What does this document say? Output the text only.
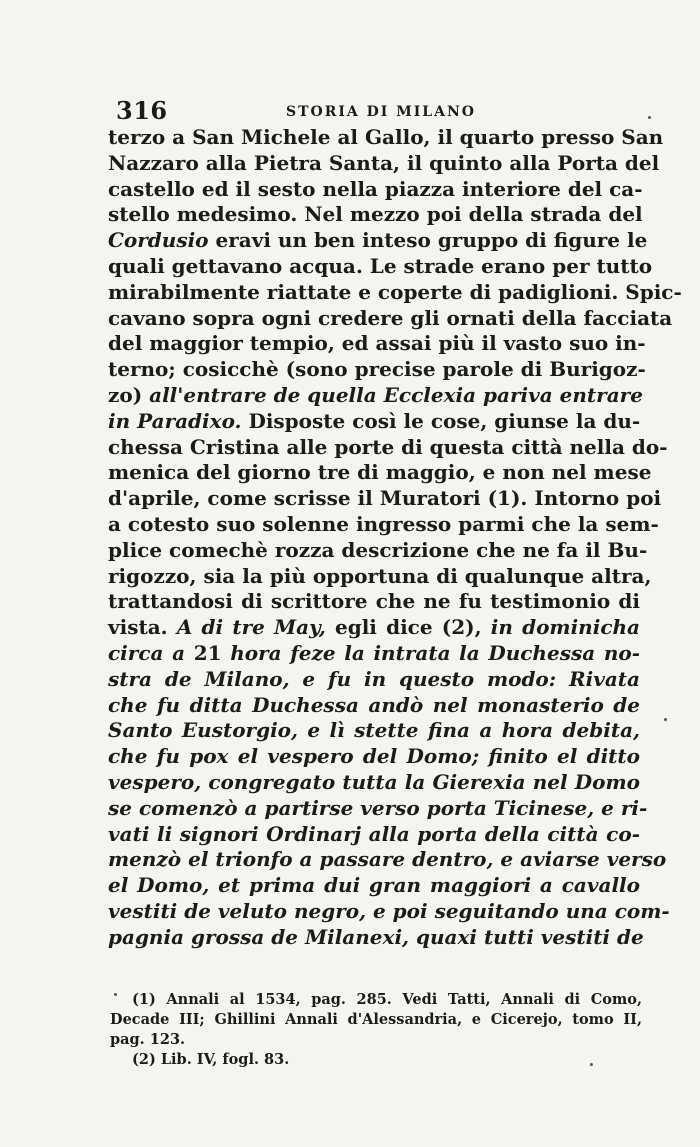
316	STORIA DI MILANO
terzo a San Michele al Gallo, il quarto presso San
Nazzaro alla Pietra Santa, il quinto alla Porta del
castello ed il sesto nella piazza interiore del ca-
stello medesimo. Nel mezzo poi della strada del
Cordusio eravi un ben inteso gruppo di figure le
quali gettavano acqua. Le strade erano per tutto
mirabilmente riattate e coperte di padiglioni. Spic-
cavano sopra ogni credere gli ornati della facciata
del maggior tempio, ed assai più il vasto suo in-
terno; cosicchè (sono precise parole di Burigoz-
zo) all'entrare de quella Ecclexia pariva entrare
in Paradixo. Disposte così le cose, giunse la du-
chessa Cristina alle porte di questa città nella do-
menica del giorno tre di maggio, e non nel mese
d'aprile, come scrisse il Muratori (1). Intorno poi
a cotesto suo solenne ingresso parmi che la sem-
plice comechè rozza descrizione che ne fa il Bu-
rigozzo, sia la più opportuna di qualunque altra,
trattandosi di scrittore che ne fu testimonio di
vista. A di tre May, egli dice (2), in dominicha
circa a 21 hora feze la intrata la Duchessa no-
stra de Milano, e fu in questo modo: Rivata
che fu ditta Duchessa andò nel monasterio de
Santo Eustorgio, e lì stette fina a hora debita,
che fu pox el vespero del Domo; finito el ditto
vespero, congregato tutta la Gierexia nel Domo
se comenzò a partirse verso porta Ticinese, e ri-
vati li signori Ordinarj alla porta della città co-
menzò el trionfo a passare dentro, e aviarse verso
el Domo, et prima dui gran maggiori a cavallo
vestiti de veluto negro, e poi seguitando una com-
pagnia grossa de Milanexi, quaxi tutti vestiti de
(1) Annali al 1534, pag. 285. Vedi Tatti, Annali di Como,
Decade III; Ghillini Annali d'Alessandria, e Cicerejo, tomo II,
pag. 123.
(2) Lib. IV, fogl. 83.
